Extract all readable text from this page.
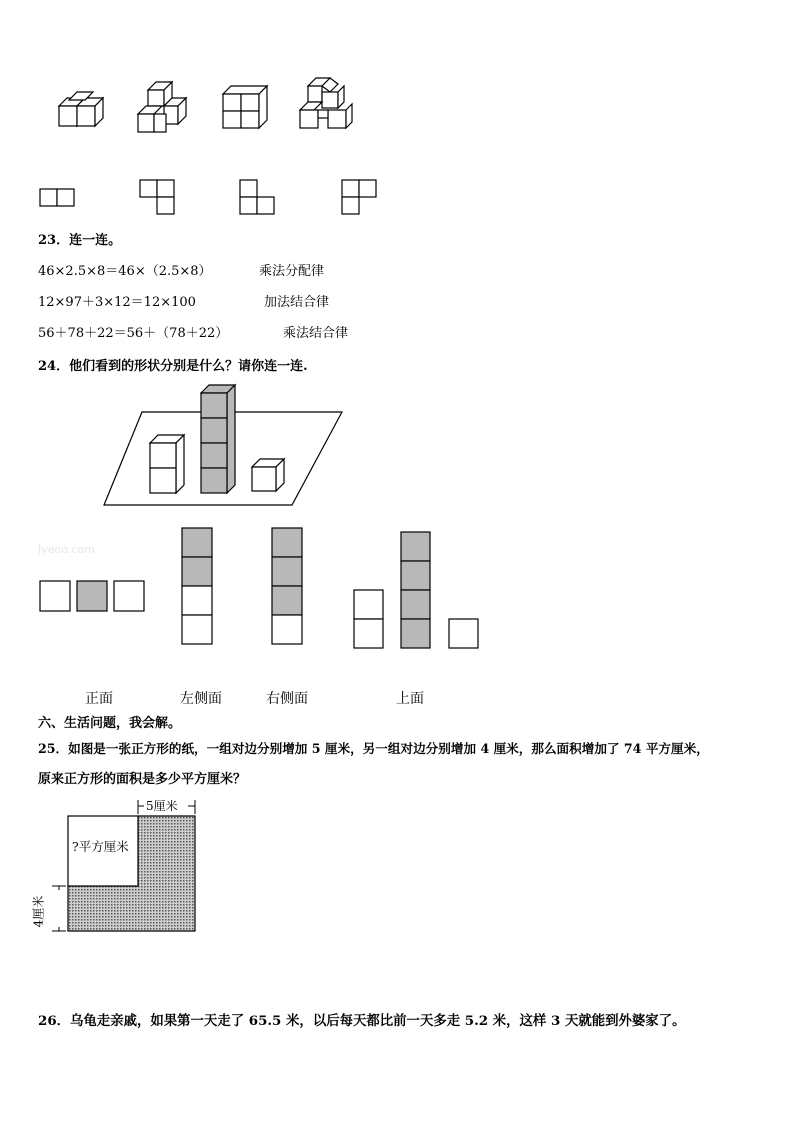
23．连一连。
46×2.5×8＝46×（2.5×8）	乘法分配律
12×97＋3×12＝12×100	加法结合律
56＋78＋22＝56＋（78＋22）	乘法结合律
24．他们看到的形状分别是什么？请你连一连.
Jyeoo.com
正面	左侧面	右侧面	上面
六、生活问题，我会解。
25．如图是一张正方形的纸，一组对边分别增加 5 厘米，另一组对边分别增加 4 厘米，那么面积增加了 74 平方厘米，
原来正方形的面积是多少平方厘米？
5厘米
?平方厘米
4厘米
26．乌龟走亲戚，如果第一天走了 65.5 米，以后每天都比前一天多走 5.2 米，这样 3 天就能到外婆家了。
